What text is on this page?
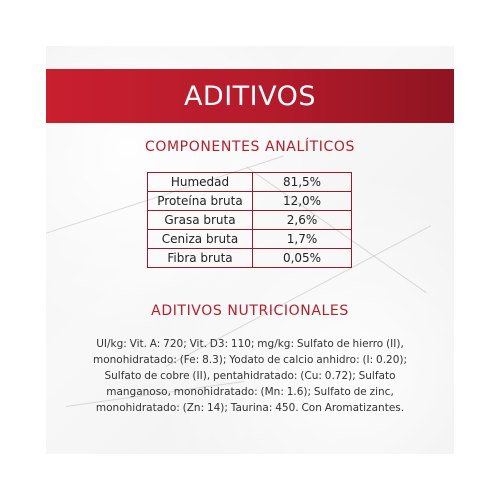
ADITIVOS
COMPONENTES ANALÍTICOS
Humedad	81,5%
Proteína bruta	12,0%
Grasa bruta	2,6%
Ceniza bruta	1,7%
Fibra bruta	0,05%
ADITIVOS NUTRICIONALES
UI/kg: Vit. A: 720; Vit. D3: 110; mg/kg: Sulfato de hierro (II), monohidratado: (Fe: 8.3); Yodato de calcio anhidro: (I: 0.20); Sulfato de cobre (II), pentahidratado: (Cu: 0.72); Sulfato manganoso, monohidratado: (Mn: 1.6); Sulfato de zinc, monohidratado: (Zn: 14); Taurina: 450. Con Aromatizantes.
